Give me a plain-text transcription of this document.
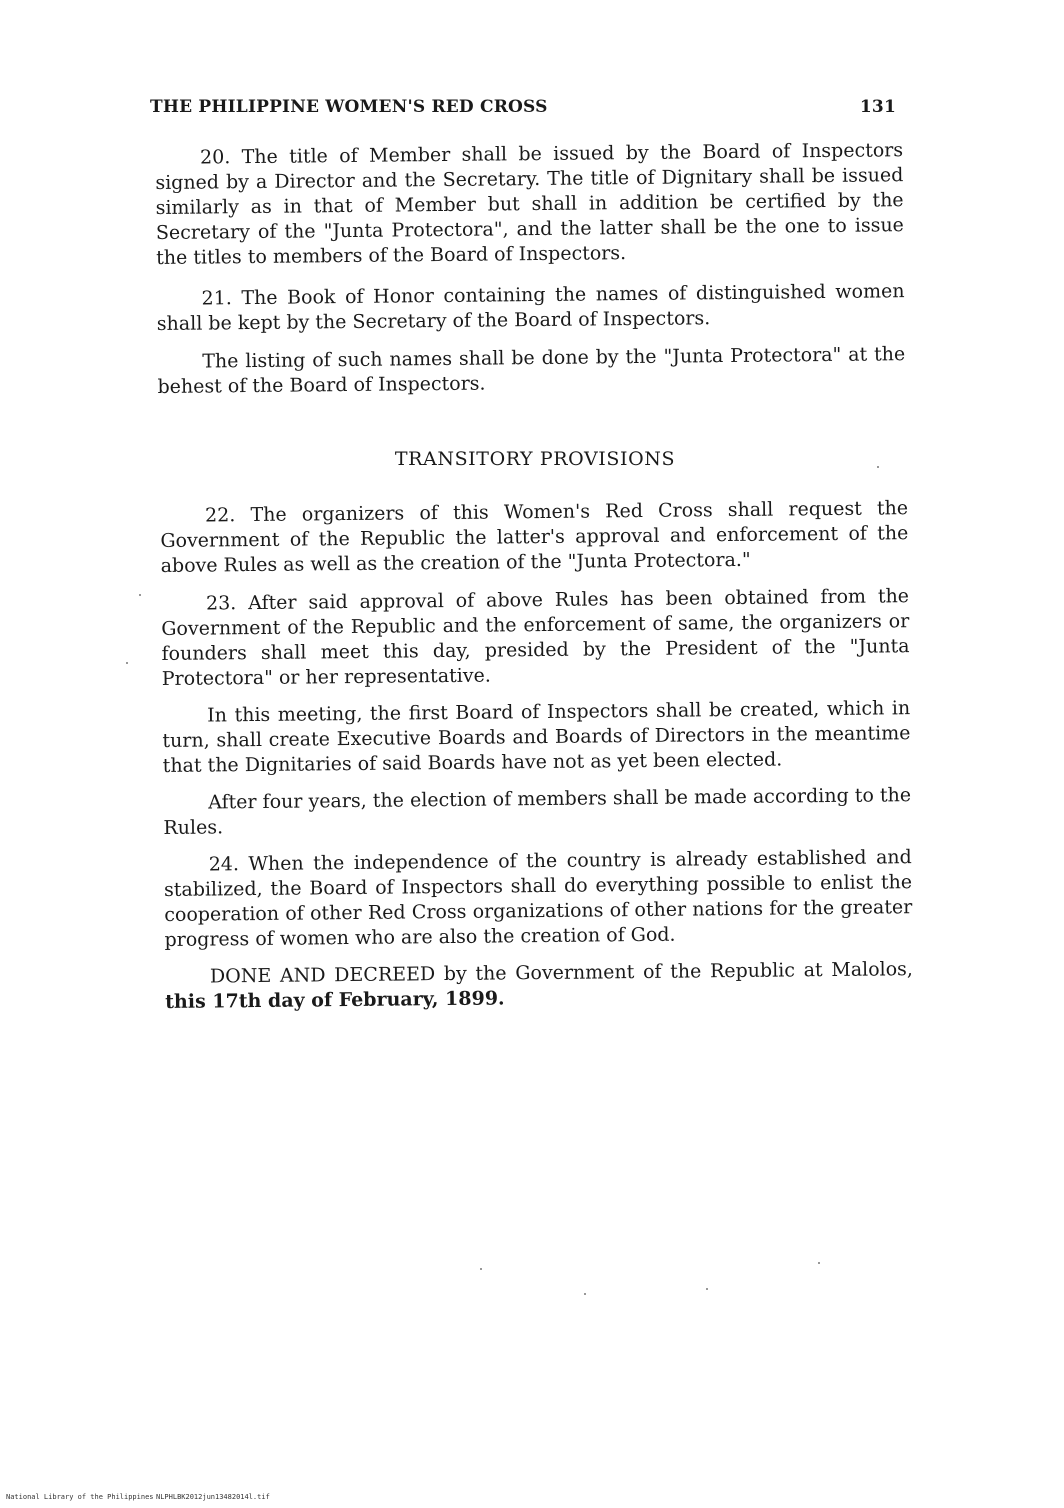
THE PHILIPPINE WOMEN'S RED CROSS	131

20. The title of Member shall be issued by the Board of Inspectors signed by a Director and the Secretary. The title of Dignitary shall be issued similarly as in that of Member but shall in addition be certified by the Secretary of the "Junta Protectora", and the latter shall be the one to issue the titles to members of the Board of Inspectors.

21. The Book of Honor containing the names of distinguished women shall be kept by the Secretary of the Board of Inspectors.

The listing of such names shall be done by the "Junta Protectora" at the behest of the Board of Inspectors.

TRANSITORY PROVISIONS

22. The organizers of this Women's Red Cross shall request the Government of the Republic the latter's approval and enforcement of the above Rules as well as the creation of the "Junta Protectora."

23. After said approval of above Rules has been obtained from the Government of the Republic and the enforcement of same, the organizers or founders shall meet this day, presided by the President of the "Junta Protectora" or her representative.

In this meeting, the first Board of Inspectors shall be created, which in turn, shall create Executive Boards and Boards of Directors in the meantime that the Dignitaries of said Boards have not as yet been elected.

After four years, the election of members shall be made according to the Rules.

24. When the independence of the country is already established and stabilized, the Board of Inspectors shall do everything possible to enlist the cooperation of other Red Cross organizations of other nations for the greater progress of women who are also the creation of God.

DONE AND DECREED by the Government of the Republic at Malolos, this 17th day of February, 1899.

National Library of the Philippines NLPHLBK2012jun13482014l.tif
